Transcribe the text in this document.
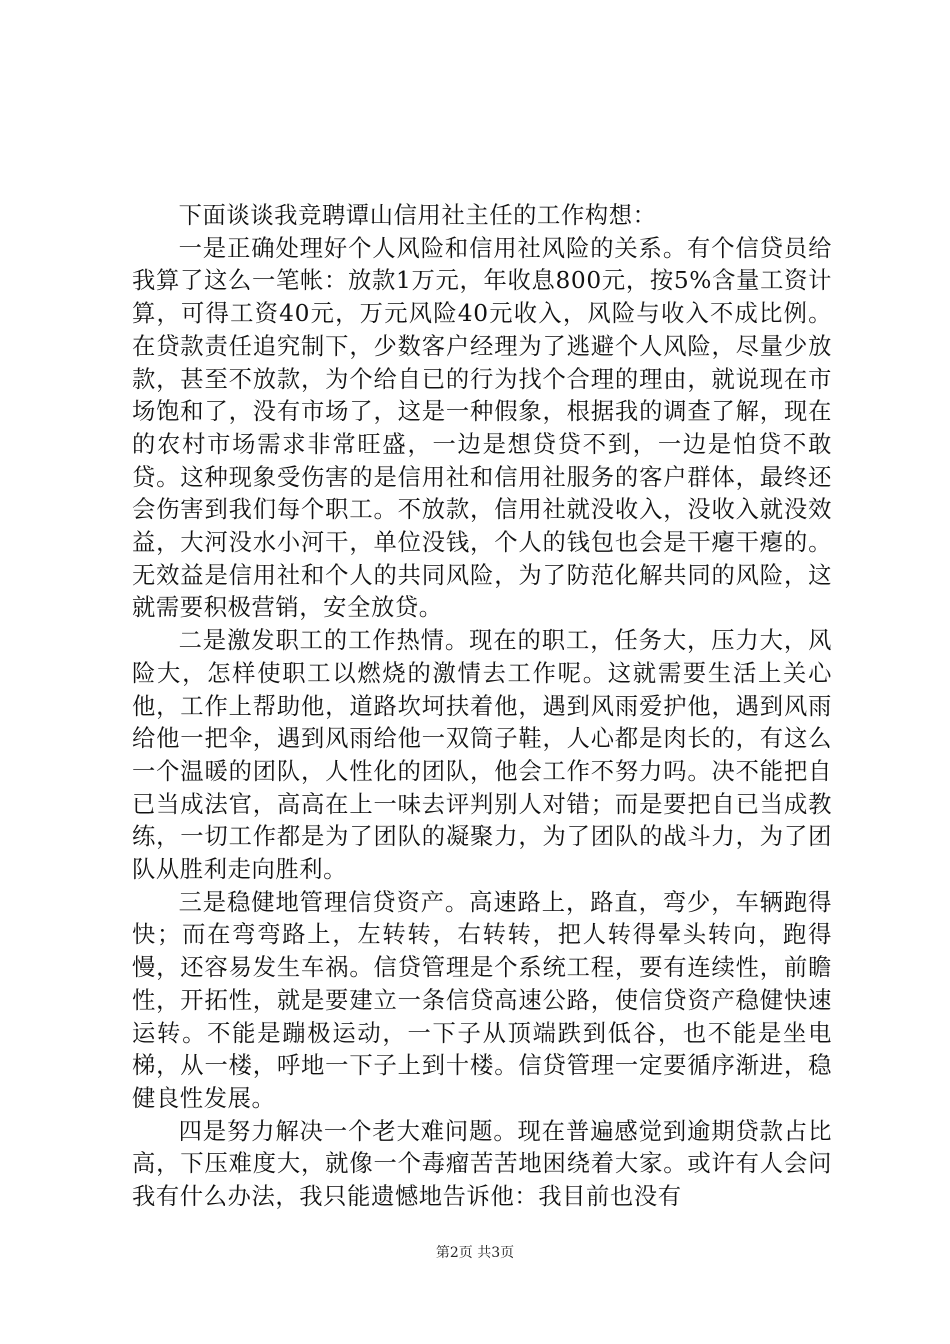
下面谈谈我竞聘谭山信用社主任的工作构想：

一是正确处理好个人风险和信用社风险的关系。有个信贷员给我算了这么一笔帐：放款1万元，年收息800元，按5%含量工资计算，可得工资40元，万元风险40元收入，风险与收入不成比例。在贷款责任追究制下，少数客户经理为了逃避个人风险，尽量少放款，甚至不放款，为个给自已的行为找个合理的理由，就说现在市场饱和了，没有市场了，这是一种假象，根据我的调查了解，现在的农村市场需求非常旺盛，一边是想贷贷不到，一边是怕贷不敢贷。这种现象受伤害的是信用社和信用社服务的客户群体，最终还会伤害到我们每个职工。不放款，信用社就没收入，没收入就没效益，大河没水小河干，单位没钱，个人的钱包也会是干瘪干瘪的。无效益是信用社和个人的共同风险，为了防范化解共同的风险，这就需要积极营销，安全放贷。

二是激发职工的工作热情。现在的职工，任务大，压力大，风险大，怎样使职工以燃烧的激情去工作呢。这就需要生活上关心他，工作上帮助他，道路坎坷扶着他，遇到风雨爱护他，遇到风雨给他一把伞，遇到风雨给他一双筒子鞋，人心都是肉长的，有这么一个温暖的团队，人性化的团队，他会工作不努力吗。决不能把自已当成法官，高高在上一味去评判别人对错；而是要把自已当成教练，一切工作都是为了团队的凝聚力，为了团队的战斗力，为了团队从胜利走向胜利。

三是稳健地管理信贷资产。高速路上，路直，弯少，车辆跑得快；而在弯弯路上，左转转，右转转，把人转得晕头转向，跑得慢，还容易发生车祸。信贷管理是个系统工程，要有连续性，前瞻性，开拓性，就是要建立一条信贷高速公路，使信贷资产稳健快速运转。不能是蹦极运动，一下子从顶端跌到低谷，也不能是坐电梯，从一楼，呼地一下子上到十楼。信贷管理一定要循序渐进，稳健良性发展。

四是努力解决一个老大难问题。现在普遍感觉到逾期贷款占比高，下压难度大，就像一个毒瘤苦苦地困绕着大家。或许有人会问我有什么办法，我只能遗憾地告诉他：我目前也没有

第2页 共3页
